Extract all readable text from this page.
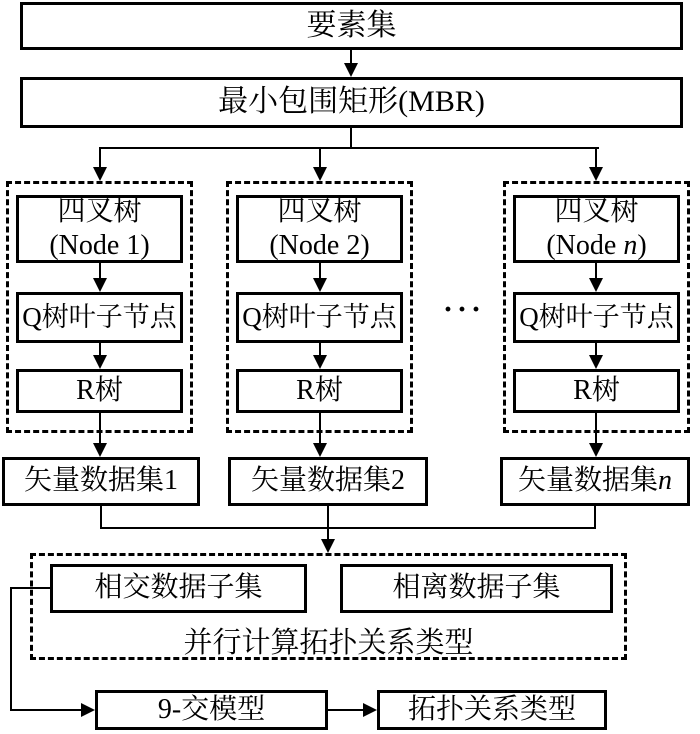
要素集
最小包围矩形(MBR)
四叉树
(Node 1)
Q树叶子节点
R树
四叉树
(Node 2)
Q树叶子节点
R树
···
四叉树
(Node n)
Q树叶子节点
R树
矢量数据集 1	矢量数据集 2	矢量数据集 n
相交数据子集	相离数据子集
并行计算拓扑关系类型
9-交模型	拓扑关系类型
